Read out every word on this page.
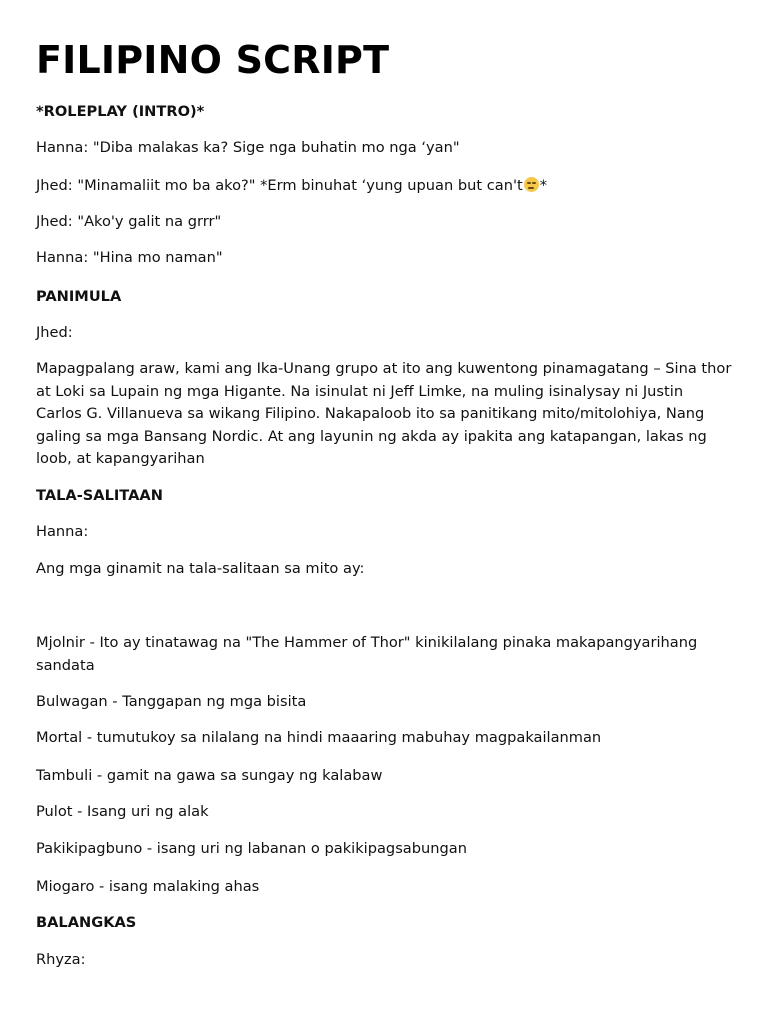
FILIPINO SCRIPT

*ROLEPLAY (INTRO)*

Hanna: "Diba malakas ka? Sige nga buhatin mo nga ‘yan"

Jhed: "Minamaliit mo ba ako?" *Erm binuhat ‘yung upuan but can't *

Jhed: "Ako'y galit na grrr"

Hanna: "Hina mo naman"

PANIMULA

Jhed:

Mapagpalang araw, kami ang Ika-Unang grupo at ito ang kuwentong pinamagatang – Sina thor at Loki sa Lupain ng mga Higante. Na isinulat ni Jeff Limke, na muling isinalysay ni Justin Carlos G. Villanueva sa wikang Filipino. Nakapaloob ito sa panitikang mito/mitolohiya, Nang galing sa mga Bansang Nordic. At ang layunin ng akda ay ipakita ang katapangan, lakas ng loob, at kapangyarihan

TALA-SALITAAN

Hanna:

Ang mga ginamit na tala-salitaan sa mito ay:

Mjolnir - Ito ay tinatawag na "The Hammer of Thor" kinikilalang pinaka makapangyarihang sandata

Bulwagan - Tanggapan ng mga bisita

Mortal - tumutukoy sa nilalang na hindi maaaring mabuhay magpakailanman

Tambuli - gamit na gawa sa sungay ng kalabaw

Pulot - Isang uri ng alak

Pakikipagbuno - isang uri ng labanan o pakikipagsabungan

Miogaro - isang malaking ahas

BALANGKAS

Rhyza:
